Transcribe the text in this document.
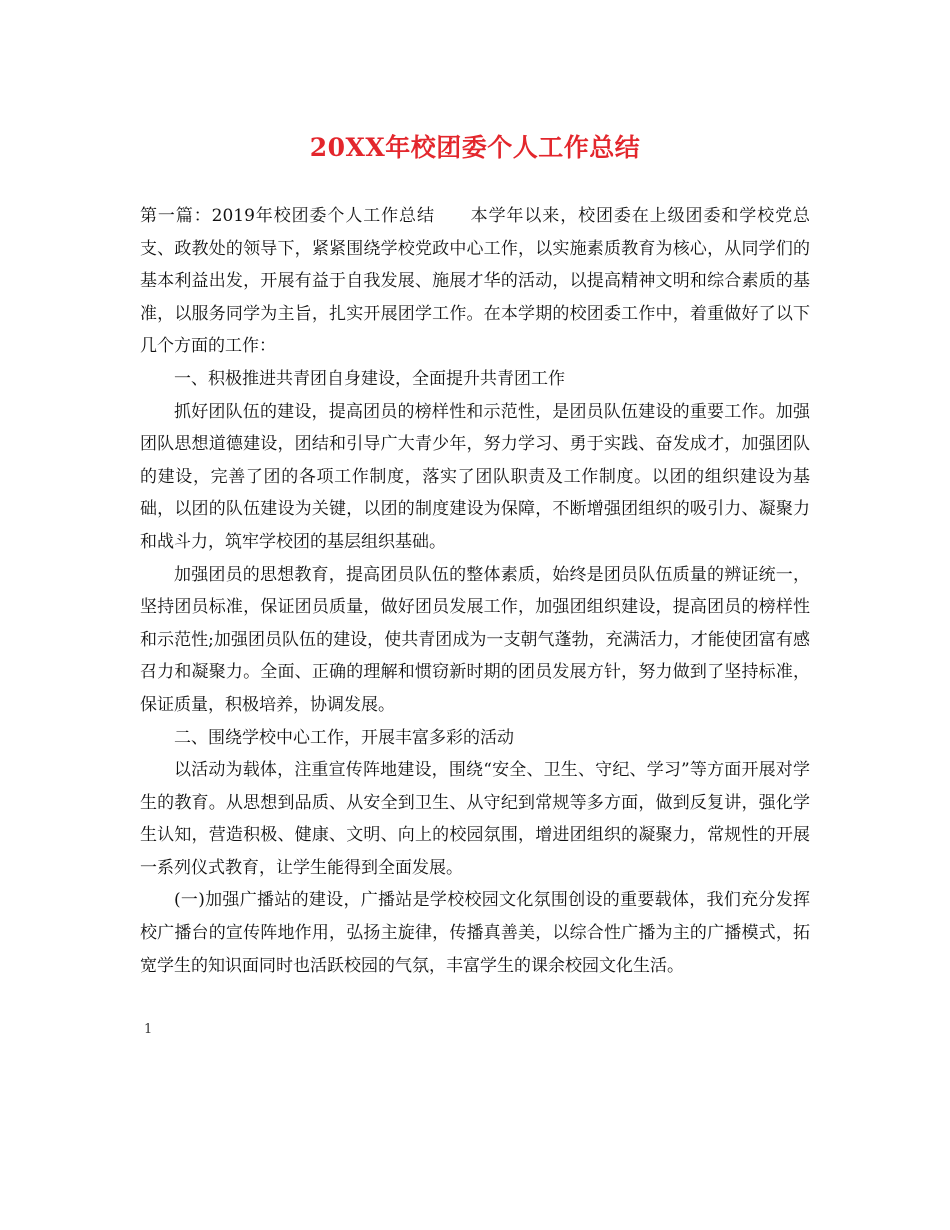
20XX年校团委个人工作总结

第一篇：2019年校团委个人工作总结　　本学年以来，校团委在上级团委和学校党总支、政教处的领导下，紧紧围绕学校党政中心工作，以实施素质教育为核心，从同学们的基本利益出发，开展有益于自我发展、施展才华的活动，以提高精神文明和综合素质的基准，以服务同学为主旨，扎实开展团学工作。在本学期的校团委工作中，着重做好了以下几个方面的工作：

一、积极推进共青团自身建设，全面提升共青团工作

抓好团队伍的建设，提高团员的榜样性和示范性，是团员队伍建设的重要工作。加强团队思想道德建设，团结和引导广大青少年，努力学习、勇于实践、奋发成才，加强团队的建设，完善了团的各项工作制度，落实了团队职责及工作制度。以团的组织建设为基础，以团的队伍建设为关键，以团的制度建设为保障，不断增强团组织的吸引力、凝聚力和战斗力，筑牢学校团的基层组织基础。

加强团员的思想教育，提高团员队伍的整体素质，始终是团员队伍质量的辨证统一，坚持团员标准，保证团员质量，做好团员发展工作，加强团组织建设，提高团员的榜样性和示范性;加强团员队伍的建设，使共青团成为一支朝气蓬勃，充满活力，才能使团富有感召力和凝聚力。全面、正确的理解和惯窃新时期的团员发展方针，努力做到了坚持标准，保证质量，积极培养，协调发展。

二、围绕学校中心工作，开展丰富多彩的活动

以活动为载体，注重宣传阵地建设，围绕“安全、卫生、守纪、学习”等方面开展对学生的教育。从思想到品质、从安全到卫生、从守纪到常规等多方面，做到反复讲，强化学生认知，营造积极、健康、文明、向上的校园氛围，增进团组织的凝聚力，常规性的开展一系列仪式教育，让学生能得到全面发展。

(一)加强广播站的建设，广播站是学校校园文化氛围创设的重要载体，我们充分发挥校广播台的宣传阵地作用，弘扬主旋律，传播真善美，以综合性广播为主的广播模式，拓宽学生的知识面同时也活跃校园的气氛，丰富学生的课余校园文化生活。

1
